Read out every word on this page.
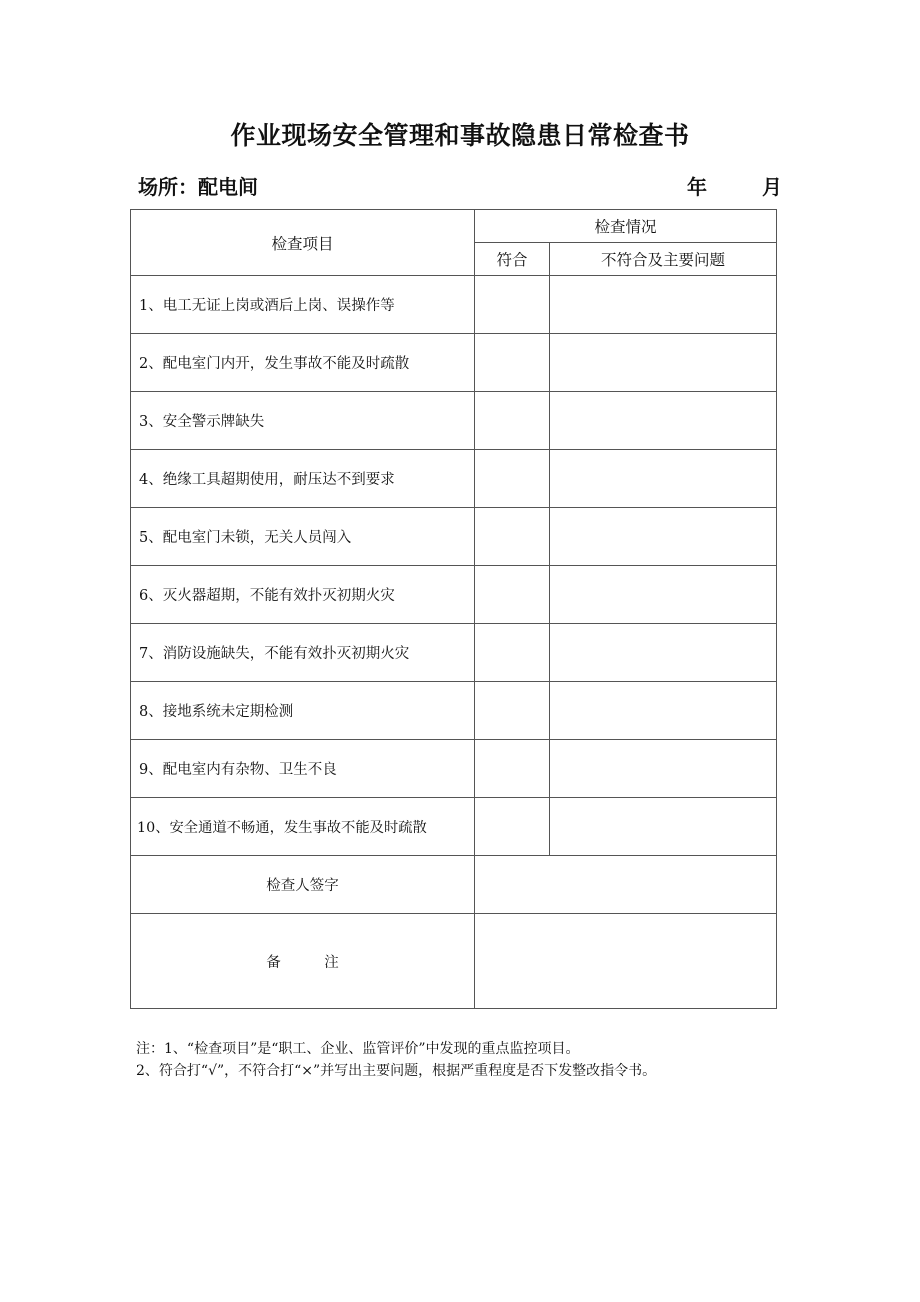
作业现场安全管理和事故隐患日常检查书
场所：配电间	年	月
检查项目	检查情况	
	符合	不符合及主要问题
1、电工无证上岗或酒后上岗、误操作等		
2、配电室门内开，发生事故不能及时疏散		
3、安全警示牌缺失		
4、绝缘工具超期使用，耐压达不到要求		
5、配电室门未锁，无关人员闯入		
6、灭火器超期，不能有效扑灭初期火灾		
7、消防设施缺失，不能有效扑灭初期火灾		
8、接地系统未定期检测		
9、配电室内有杂物、卫生不良		
10、安全通道不畅通，发生事故不能及时疏散		
检查人签字		
备　　　注		
注：1、“检查项目”是“职工、企业、监管评价”中发现的重点监控项目。
2、符合打“√”，不符合打“×”并写出主要问题，根据严重程度是否下发整改指令书。
